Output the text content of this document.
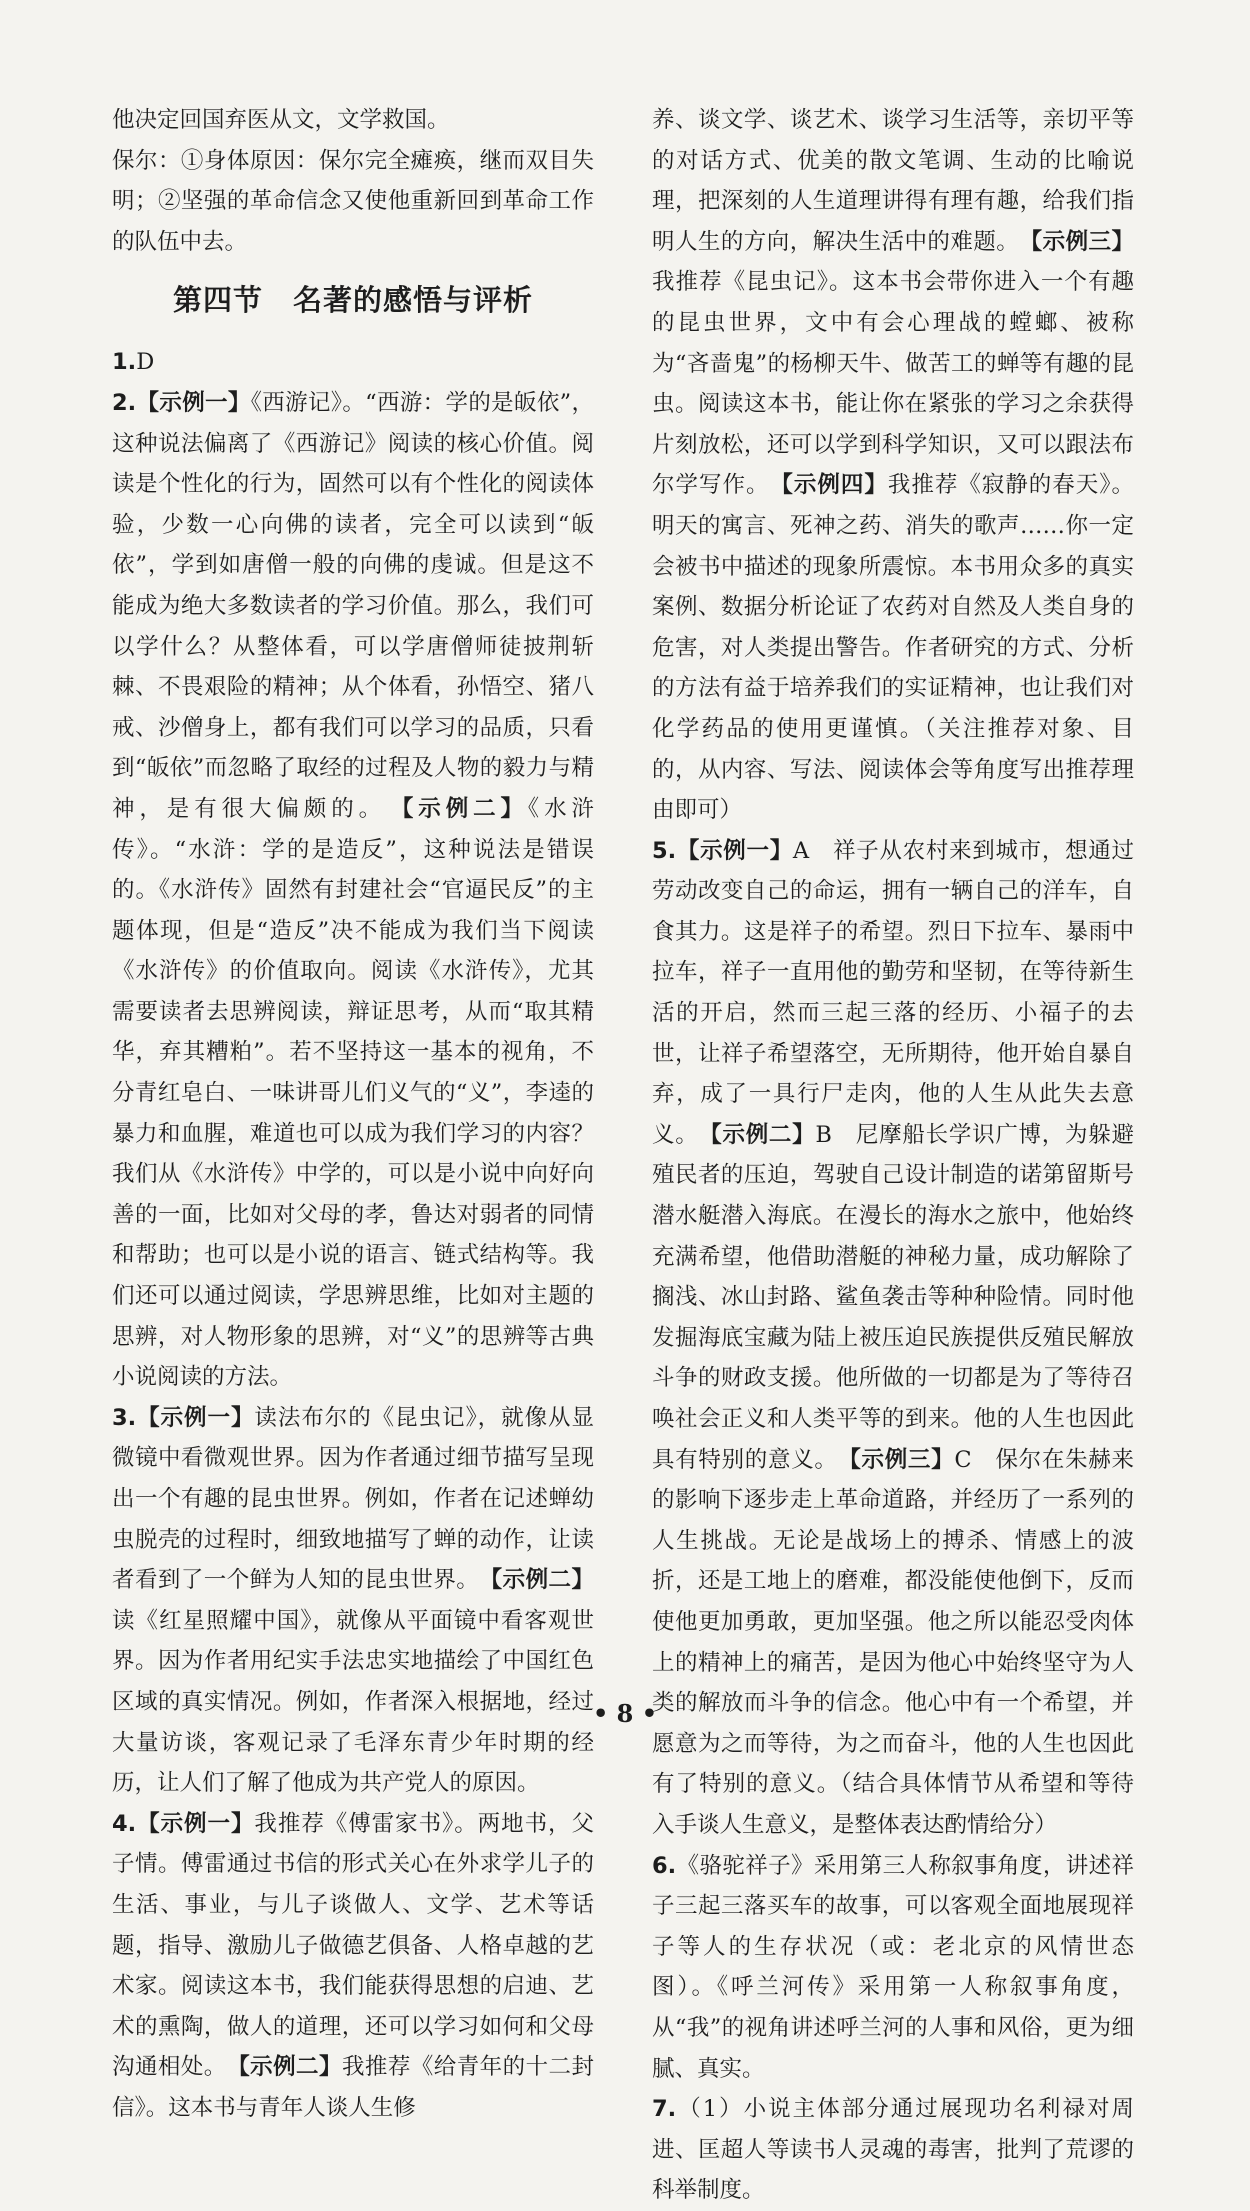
他决定回国弃医从文，文学救国。

保尔：①身体原因：保尔完全瘫痪，继而双目失明；②坚强的革命信念又使他重新回到革命工作的队伍中去。

第四节　名著的感悟与评析

1.D

2.【示例一】《西游记》。“西游：学的是皈依”，这种说法偏离了《西游记》阅读的核心价值。阅读是个性化的行为，固然可以有个性化的阅读体验，少数一心向佛的读者，完全可以读到“皈依”，学到如唐僧一般的向佛的虔诚。但是这不能成为绝大多数读者的学习价值。那么，我们可以学什么？从整体看，可以学唐僧师徒披荆斩棘、不畏艰险的精神；从个体看，孙悟空、猪八戒、沙僧身上，都有我们可以学习的品质，只看到“皈依”而忽略了取经的过程及人物的毅力与精神，是有很大偏颇的。　【示例二】《水浒传》。“水浒：学的是造反”，这种说法是错误的。《水浒传》固然有封建社会“官逼民反”的主题体现，但是“造反”决不能成为我们当下阅读《水浒传》的价值取向。阅读《水浒传》，尤其需要读者去思辨阅读，辩证思考，从而“取其精华，弃其糟粕”。若不坚持这一基本的视角，不分青红皂白、一味讲哥儿们义气的“义”，李逵的暴力和血腥，难道也可以成为我们学习的内容？我们从《水浒传》中学的，可以是小说中向好向善的一面，比如对父母的孝，鲁达对弱者的同情和帮助；也可以是小说的语言、链式结构等。我们还可以通过阅读，学思辨思维，比如对主题的思辨，对人物形象的思辨，对“义”的思辨等古典小说阅读的方法。

3.【示例一】读法布尔的《昆虫记》，就像从显微镜中看微观世界。因为作者通过细节描写呈现出一个有趣的昆虫世界。例如，作者在记述蝉幼虫脱壳的过程时，细致地描写了蝉的动作，让读者看到了一个鲜为人知的昆虫世界。　【示例二】读《红星照耀中国》，就像从平面镜中看客观世界。因为作者用纪实手法忠实地描绘了中国红色区域的真实情况。例如，作者深入根据地，经过大量访谈，客观记录了毛泽东青少年时期的经历，让人们了解了他成为共产党人的原因。

4.【示例一】我推荐《傅雷家书》。两地书，父子情。傅雷通过书信的形式关心在外求学儿子的生活、事业，与儿子谈做人、文学、艺术等话题，指导、激励儿子做德艺俱备、人格卓越的艺术家。阅读这本书，我们能获得思想的启迪、艺术的熏陶，做人的道理，还可以学习如何和父母沟通相处。　【示例二】我推荐《给青年的十二封信》。这本书与青年人谈人生修

养、谈文学、谈艺术、谈学习生活等，亲切平等的对话方式、优美的散文笔调、生动的比喻说理，把深刻的人生道理讲得有理有趣，给我们指明人生的方向，解决生活中的难题。　【示例三】我推荐《昆虫记》。这本书会带你进入一个有趣的昆虫世界，文中有会心理战的螳螂、被称为“吝啬鬼”的杨柳天牛、做苦工的蝉等有趣的昆虫。阅读这本书，能让你在紧张的学习之余获得片刻放松，还可以学到科学知识，又可以跟法布尔学写作。　【示例四】我推荐《寂静的春天》。明天的寓言、死神之药、消失的歌声……你一定会被书中描述的现象所震惊。本书用众多的真实案例、数据分析论证了农药对自然及人类自身的危害，对人类提出警告。作者研究的方式、分析的方法有益于培养我们的实证精神，也让我们对化学药品的使用更谨慎。（关注推荐对象、目的，从内容、写法、阅读体会等角度写出推荐理由即可）

5.【示例一】A　祥子从农村来到城市，想通过劳动改变自己的命运，拥有一辆自己的洋车，自食其力。这是祥子的希望。烈日下拉车、暴雨中拉车，祥子一直用他的勤劳和坚韧，在等待新生活的开启，然而三起三落的经历、小福子的去世，让祥子希望落空，无所期待，他开始自暴自弃，成了一具行尸走肉，他的人生从此失去意义。　【示例二】B　尼摩船长学识广博，为躲避殖民者的压迫，驾驶自己设计制造的诺第留斯号潜水艇潜入海底。在漫长的海水之旅中，他始终充满希望，他借助潜艇的神秘力量，成功解除了搁浅、冰山封路、鲨鱼袭击等种种险情。同时他发掘海底宝藏为陆上被压迫民族提供反殖民解放斗争的财政支援。他所做的一切都是为了等待召唤社会正义和人类平等的到来。他的人生也因此具有特别的意义。　【示例三】C　保尔在朱赫来的影响下逐步走上革命道路，并经历了一系列的人生挑战。无论是战场上的搏杀、情感上的波折，还是工地上的磨难，都没能使他倒下，反而使他更加勇敢，更加坚强。他之所以能忍受肉体上的精神上的痛苦，是因为他心中始终坚守为人类的解放而斗争的信念。他心中有一个希望，并愿意为之而等待，为之而奋斗，他的人生也因此有了特别的意义。（结合具体情节从希望和等待入手谈人生意义，是整体表达酌情给分）

6.《骆驼祥子》采用第三人称叙事角度，讲述祥子三起三落买车的故事，可以客观全面地展现祥子等人的生存状况（或：老北京的风情世态图）。《呼兰河传》采用第一人称叙事角度，从“我”的视角讲述呼兰河的人事和风俗，更为细腻、真实。

7.（1）小说主体部分通过展现功名利禄对周进、匡超人等读书人灵魂的毒害，批判了荒谬的科举制度。

• 8 •
